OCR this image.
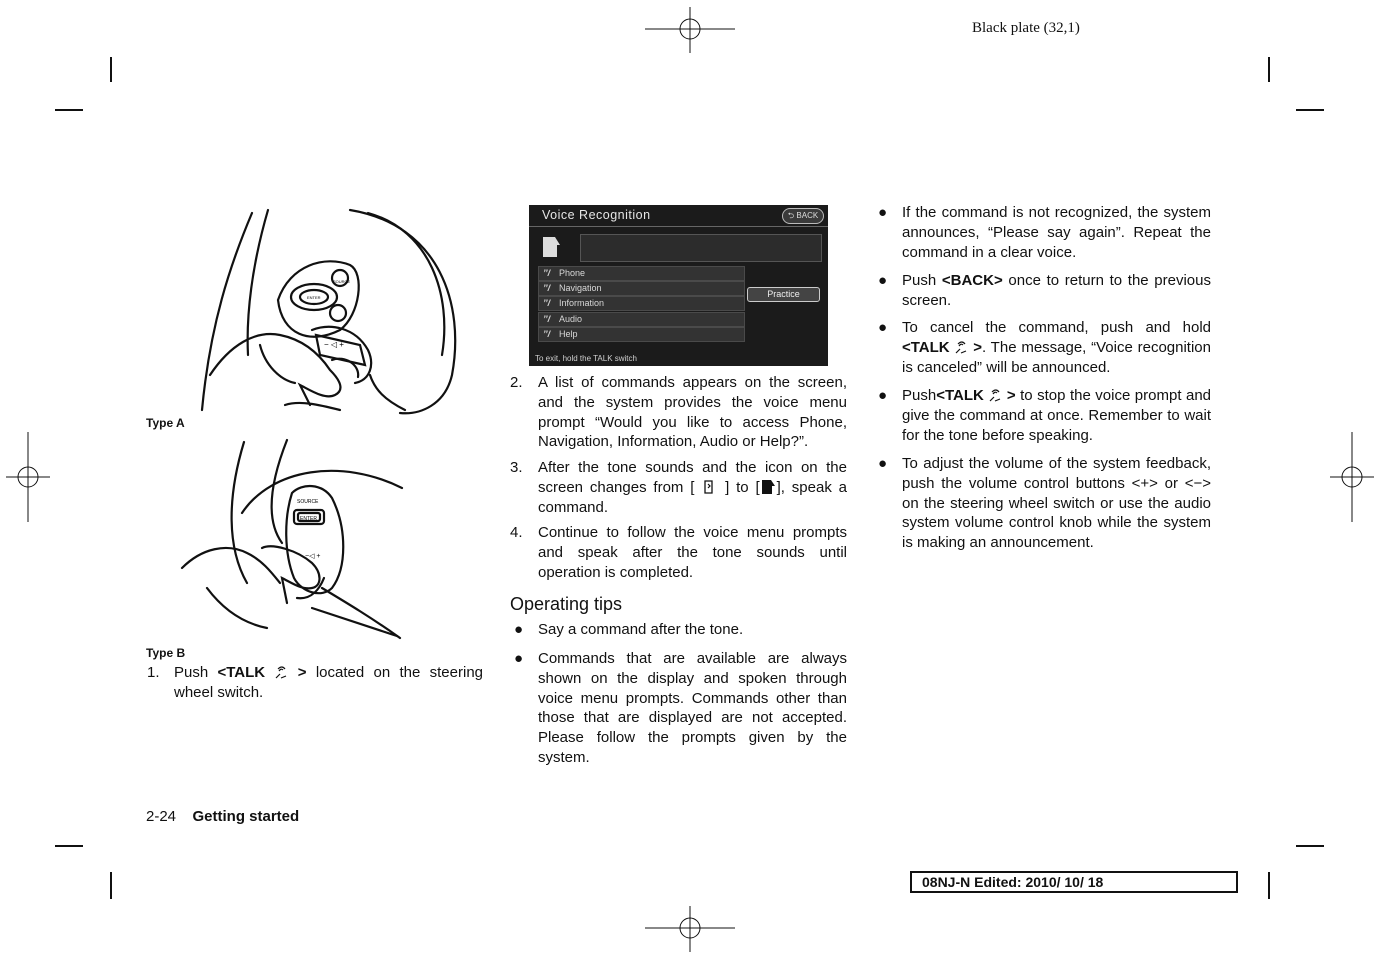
Black plate (32,1)
SOURCE
ENTER
− ◁ +
Type A
SOURCE
ENTER
−◁ +
Type B
1. Push <TALK > located on the steering wheel switch.
Voice Recognition	⮌ BACK
’’/ Phone
’’/ Navigation
’’/ Information
’’/ Audio
’’/ Help
Practice
To exit, hold the TALK switch
2.	A list of commands appears on the screen, and the system provides the voice menu prompt “Would you like to access Phone, Navigation, Information, Audio or Help?”.
3.	After the tone sounds and the icon on the screen changes from [ ] to [ ], speak a command.
4.	Continue to follow the voice menu prompts and speak after the tone sounds until operation is completed.
Operating tips
● Say a command after the tone.
● Commands that are available are always shown on the display and spoken through voice menu prompts. Commands other than those that are displayed are not accepted. Please follow the prompts given by the system.
● If the command is not recognized, the system announces, “Please say again”. Repeat the command in a clear voice.
● Push <BACK> once to return to the previous screen.
● To cancel the command, push and hold <TALK >. The message, “Voice recognition is canceled” will be announced.
● Push<TALK > to stop the voice prompt and give the command at once. Remember to wait for the tone before speaking.
● To adjust the volume of the system feedback, push the volume control buttons <+> or <−> on the steering wheel switch or use the audio system volume control knob while the system is making an announcement.
2-24 Getting started
08NJ-N Edited: 2010/ 10/ 18
